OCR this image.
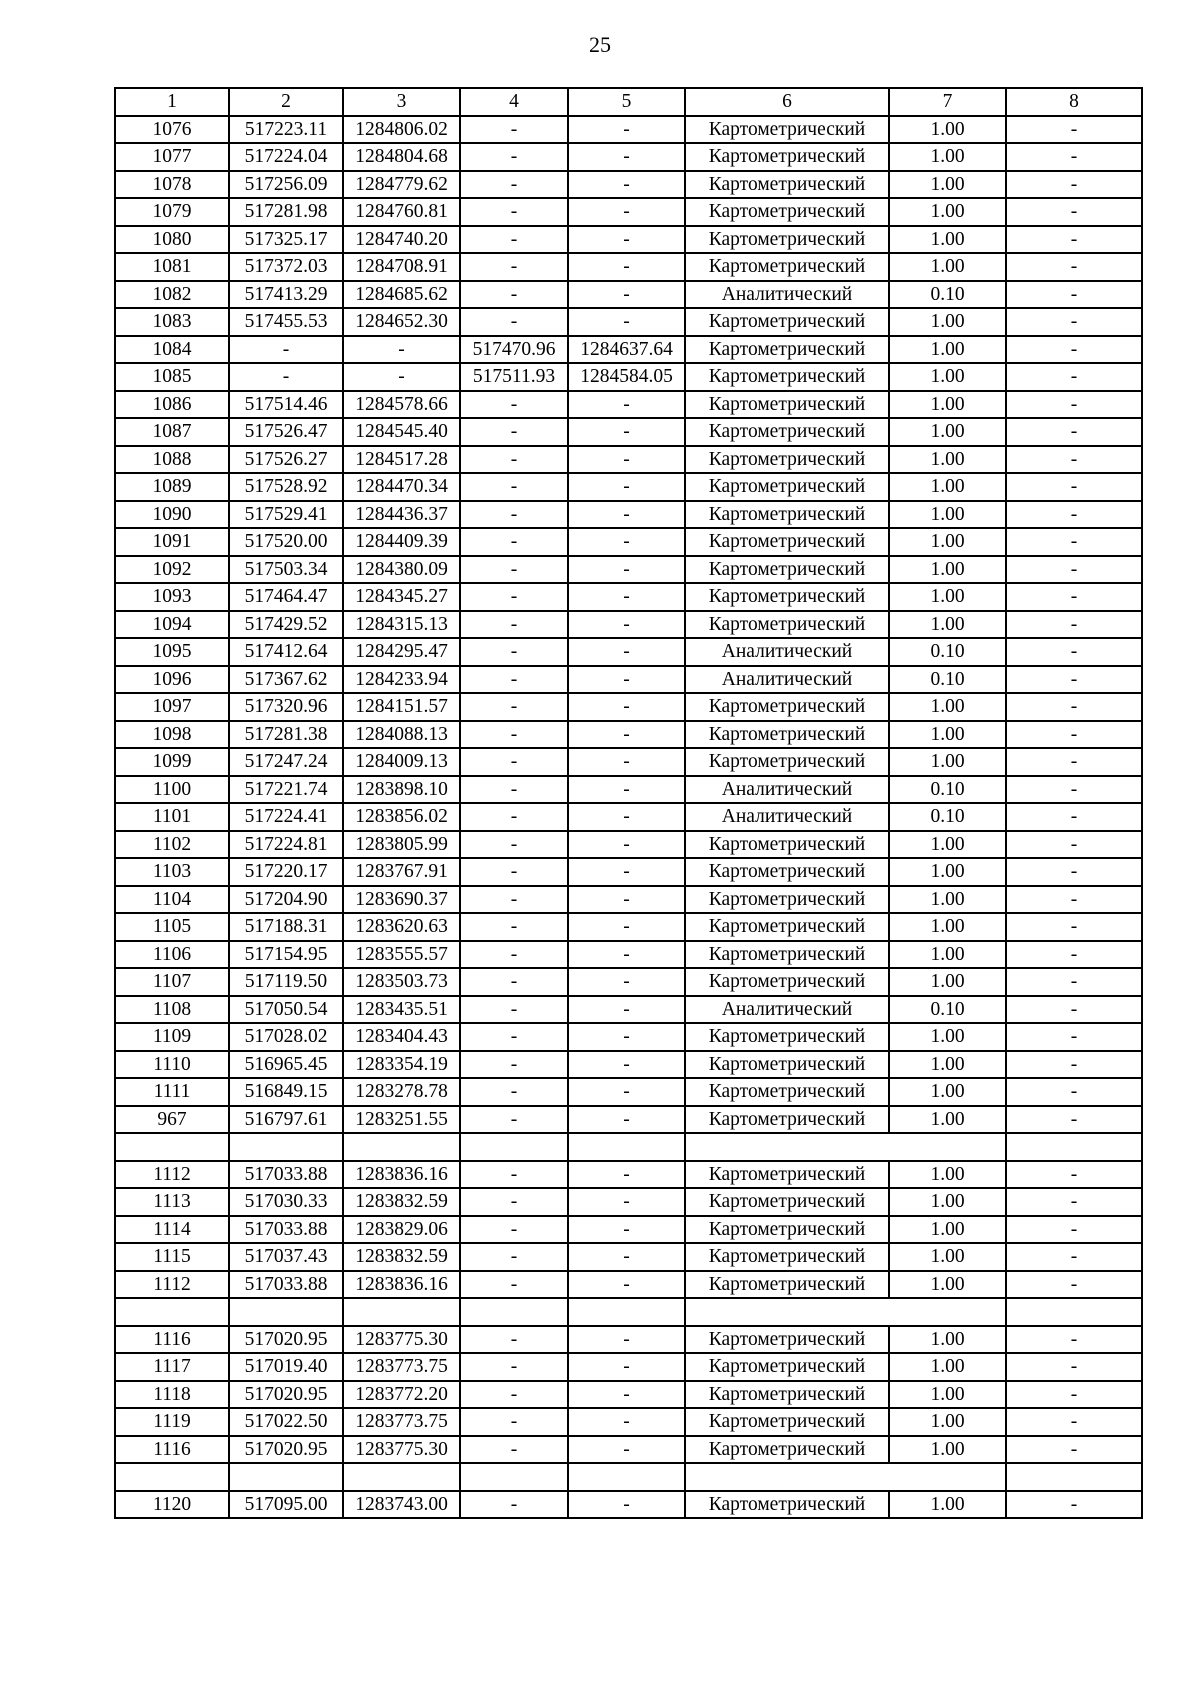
25
1	2	3	4	5	6	7	8
1076	517223.11	1284806.02	-	-	Картометрический	1.00	-
1077	517224.04	1284804.68	-	-	Картометрический	1.00	-
1078	517256.09	1284779.62	-	-	Картометрический	1.00	-
1079	517281.98	1284760.81	-	-	Картометрический	1.00	-
1080	517325.17	1284740.20	-	-	Картометрический	1.00	-
1081	517372.03	1284708.91	-	-	Картометрический	1.00	-
1082	517413.29	1284685.62	-	-	Аналитический	0.10	-
1083	517455.53	1284652.30	-	-	Картометрический	1.00	-
1084	-	-	517470.96	1284637.64	Картометрический	1.00	-
1085	-	-	517511.93	1284584.05	Картометрический	1.00	-
1086	517514.46	1284578.66	-	-	Картометрический	1.00	-
1087	517526.47	1284545.40	-	-	Картометрический	1.00	-
1088	517526.27	1284517.28	-	-	Картометрический	1.00	-
1089	517528.92	1284470.34	-	-	Картометрический	1.00	-
1090	517529.41	1284436.37	-	-	Картометрический	1.00	-
1091	517520.00	1284409.39	-	-	Картометрический	1.00	-
1092	517503.34	1284380.09	-	-	Картометрический	1.00	-
1093	517464.47	1284345.27	-	-	Картометрический	1.00	-
1094	517429.52	1284315.13	-	-	Картометрический	1.00	-
1095	517412.64	1284295.47	-	-	Аналитический	0.10	-
1096	517367.62	1284233.94	-	-	Аналитический	0.10	-
1097	517320.96	1284151.57	-	-	Картометрический	1.00	-
1098	517281.38	1284088.13	-	-	Картометрический	1.00	-
1099	517247.24	1284009.13	-	-	Картометрический	1.00	-
1100	517221.74	1283898.10	-	-	Аналитический	0.10	-
1101	517224.41	1283856.02	-	-	Аналитический	0.10	-
1102	517224.81	1283805.99	-	-	Картометрический	1.00	-
1103	517220.17	1283767.91	-	-	Картометрический	1.00	-
1104	517204.90	1283690.37	-	-	Картометрический	1.00	-
1105	517188.31	1283620.63	-	-	Картометрический	1.00	-
1106	517154.95	1283555.57	-	-	Картометрический	1.00	-
1107	517119.50	1283503.73	-	-	Картометрический	1.00	-
1108	517050.54	1283435.51	-	-	Аналитический	0.10	-
1109	517028.02	1283404.43	-	-	Картометрический	1.00	-
1110	516965.45	1283354.19	-	-	Картометрический	1.00	-
1111	516849.15	1283278.78	-	-	Картометрический	1.00	-
967	516797.61	1283251.55	-	-	Картометрический	1.00	-

1112	517033.88	1283836.16	-	-	Картометрический	1.00	-
1113	517030.33	1283832.59	-	-	Картометрический	1.00	-
1114	517033.88	1283829.06	-	-	Картометрический	1.00	-
1115	517037.43	1283832.59	-	-	Картометрический	1.00	-
1112	517033.88	1283836.16	-	-	Картометрический	1.00	-

1116	517020.95	1283775.30	-	-	Картометрический	1.00	-
1117	517019.40	1283773.75	-	-	Картометрический	1.00	-
1118	517020.95	1283772.20	-	-	Картометрический	1.00	-
1119	517022.50	1283773.75	-	-	Картометрический	1.00	-
1116	517020.95	1283775.30	-	-	Картометрический	1.00	-

1120	517095.00	1283743.00	-	-	Картометрический	1.00	-
